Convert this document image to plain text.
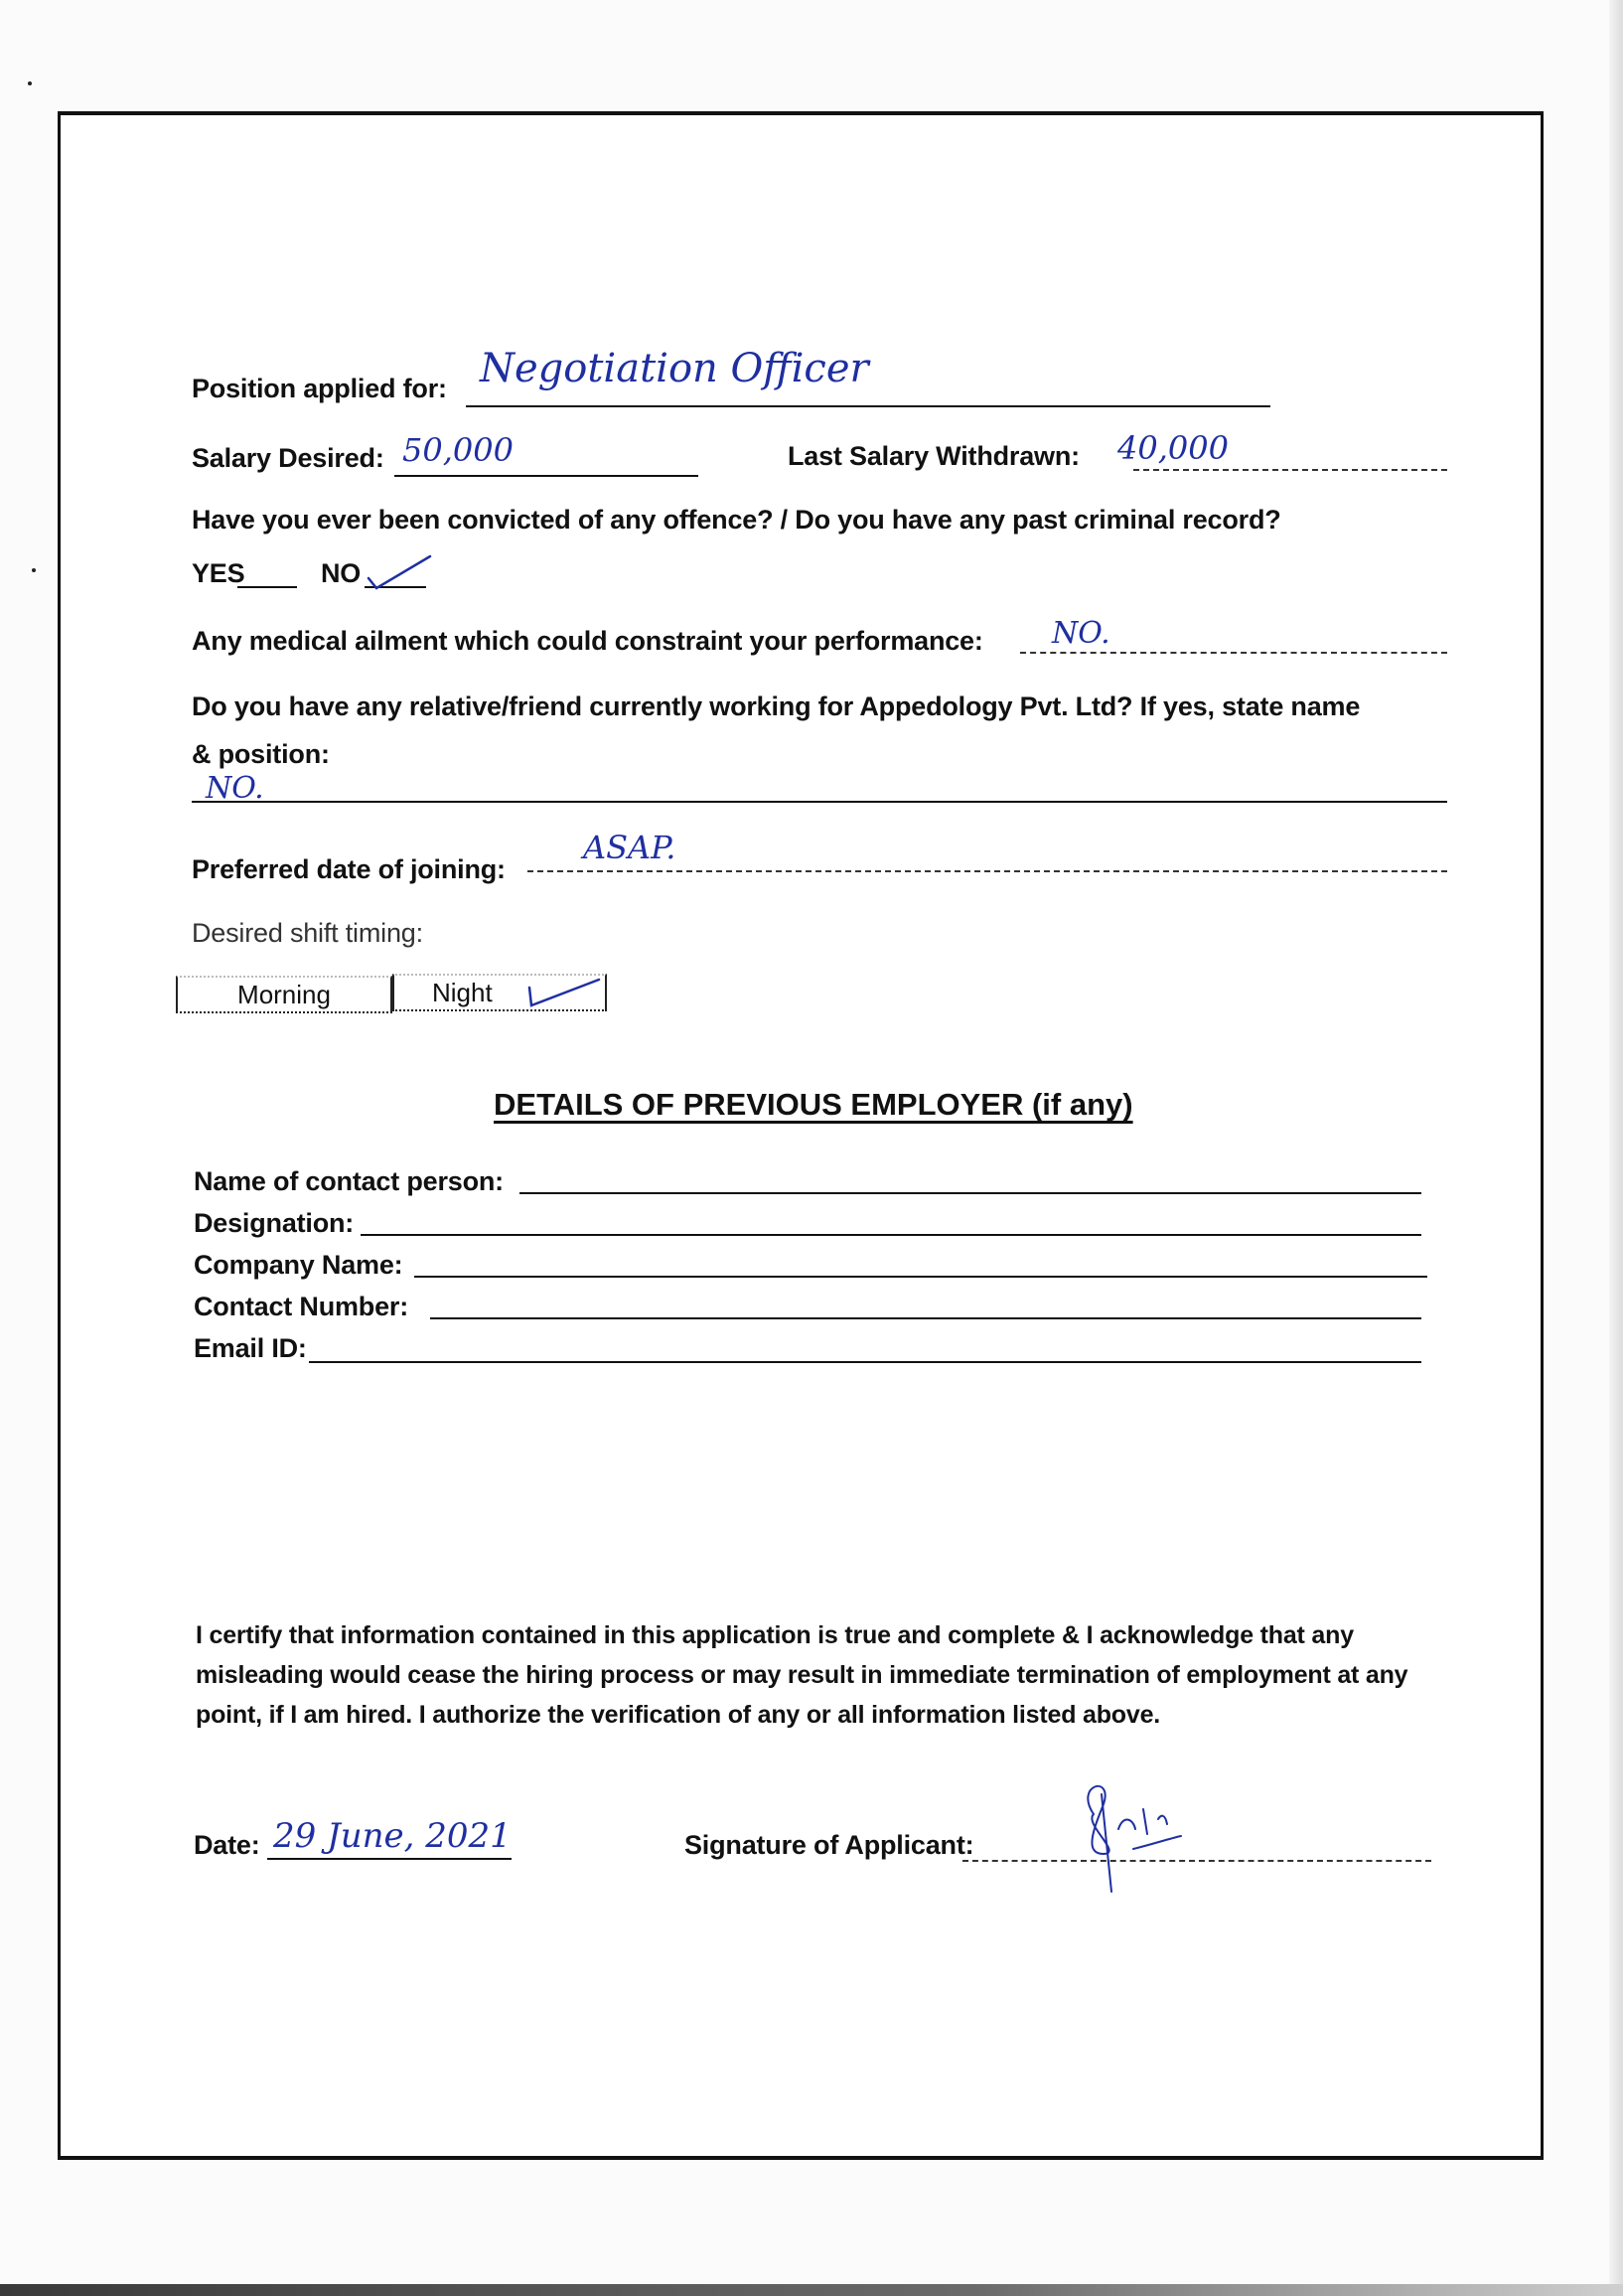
Position applied for: Negotiation Officer
Salary Desired: 50,000	Last Salary Withdrawn: 40,000
Have you ever been convicted of any offence? / Do you have any past criminal record?
YES	NO
Any medical ailment which could constraint your performance: NO.
Do you have any relative/friend currently working for Appedology Pvt. Ltd? If yes, state name
& position:
NO.
Preferred date of joining:
ASAP.
Desired shift timing:
Morning	Night
DETAILS OF PREVIOUS EMPLOYER (if any)
Name of contact person:
Designation:
Company Name:
Contact Number:
Email ID:
I certify that information contained in this application is true and complete & I acknowledge that any misleading would cease the hiring process or may result in immediate termination of employment at any point, if I am hired. I authorize the verification of any or all information listed above.
Date: 29 June, 2021	Signature of Applicant:
